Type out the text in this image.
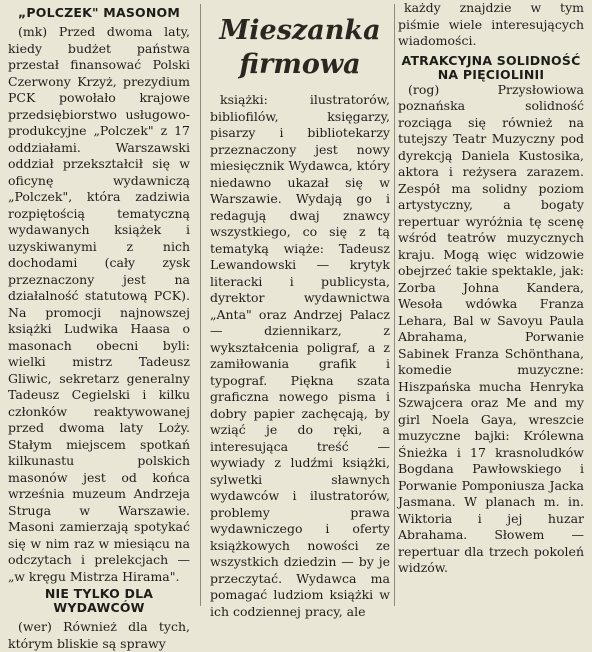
„POLCZEK" MASONOM

(mk) Przed dwoma laty, kiedy budżet państwa przestał finansować Polski Czerwony Krzyż, prezydium PCK powołało krajowe przedsiębiorstwo usługowo-produkcyjne „Polczek" z 17 oddziałami. Warszawski oddział przekształcił się w oficynę wydawniczą „Polczek", która zadziwia rozpiętością tematyczną wydawanych książek i uzyskiwanymi z nich dochodami (cały zysk przeznaczony jest na działalność statutową PCK). Na promocji najnowszej książki Ludwika Haasa o masonach obecni byli: wielki mistrz Tadeusz Gliwic, sekretarz generalny Tadeusz Cegielski i kilku członków reaktywowanej przed dwoma laty Loży. Stałym miejscem spotkań kilkunastu polskich masonów jest od końca września muzeum Andrzeja Struga w Warszawie. Masoni zamierzają spotykać się w nim raz w miesiącu na odczytach i prelekcjach — „w kręgu Mistrza Hirama".

NIE TYLKO DLA WYDAWCÓW

(wer) Również dla tych, którym bliskie są sprawy

Mieszanka
firmowa

książki: ilustratorów, bibliofilów, księgarzy, pisarzy i bibliotekarzy przeznaczony jest nowy miesięcznik Wydawca, który niedawno ukazał się w Warszawie. Wydają go i redagują dwaj znawcy wszystkiego, co się z tą tematyką wiąże: Tadeusz Lewandowski — krytyk literacki i publicysta, dyrektor wydawnictwa „Anta" oraz Andrzej Palacz — dziennikarz, z wykształcenia poligraf, a z zamiłowania grafik i typograf. Piękna szata graficzna nowego pisma i dobry papier zachęcają, by wziąć je do ręki, a interesująca treść — wywiady z ludźmi książki, sylwetki sławnych wydawców i ilustratorów, problemy prawa wydawniczego i oferty książkowych nowości ze wszystkich dziedzin — by je przeczytać. Wydawca ma pomagać ludziom książki w ich codziennej pracy, ale

każdy znajdzie w tym piśmie wiele interesujących wiadomości.

ATRAKCYJNA SOLIDNOŚĆ NA PIĘCIOLINII

(rog) Przysłowiowa poznańska solidność rozciąga się również na tutejszy Teatr Muzyczny pod dyrekcją Daniela Kustosika, aktora i reżysera zarazem. Zespół ma solidny poziom artystyczny, a bogaty repertuar wyróżnia tę scenę wśród teatrów muzycznych kraju. Mogą więc widzowie obejrzeć takie spektakle, jak: Zorba Johna Kandera, Wesoła wdówka Franza Lehara, Bal w Savoyu Paula Abrahama, Porwanie Sabinek Franza Schönthana, komedie muzyczne: Hiszpańska mucha Henryka Szwajcera oraz Me and my girl Noela Gaya, wreszcie muzyczne bajki: Królewna Śnieżka i 17 krasnoludków Bogdana Pawłowskiego i Porwanie Pomponiusza Jacka Jasmana. W planach m. in. Wiktoria i jej huzar Abrahama. Słowem — repertuar dla trzech pokoleń widzów.
